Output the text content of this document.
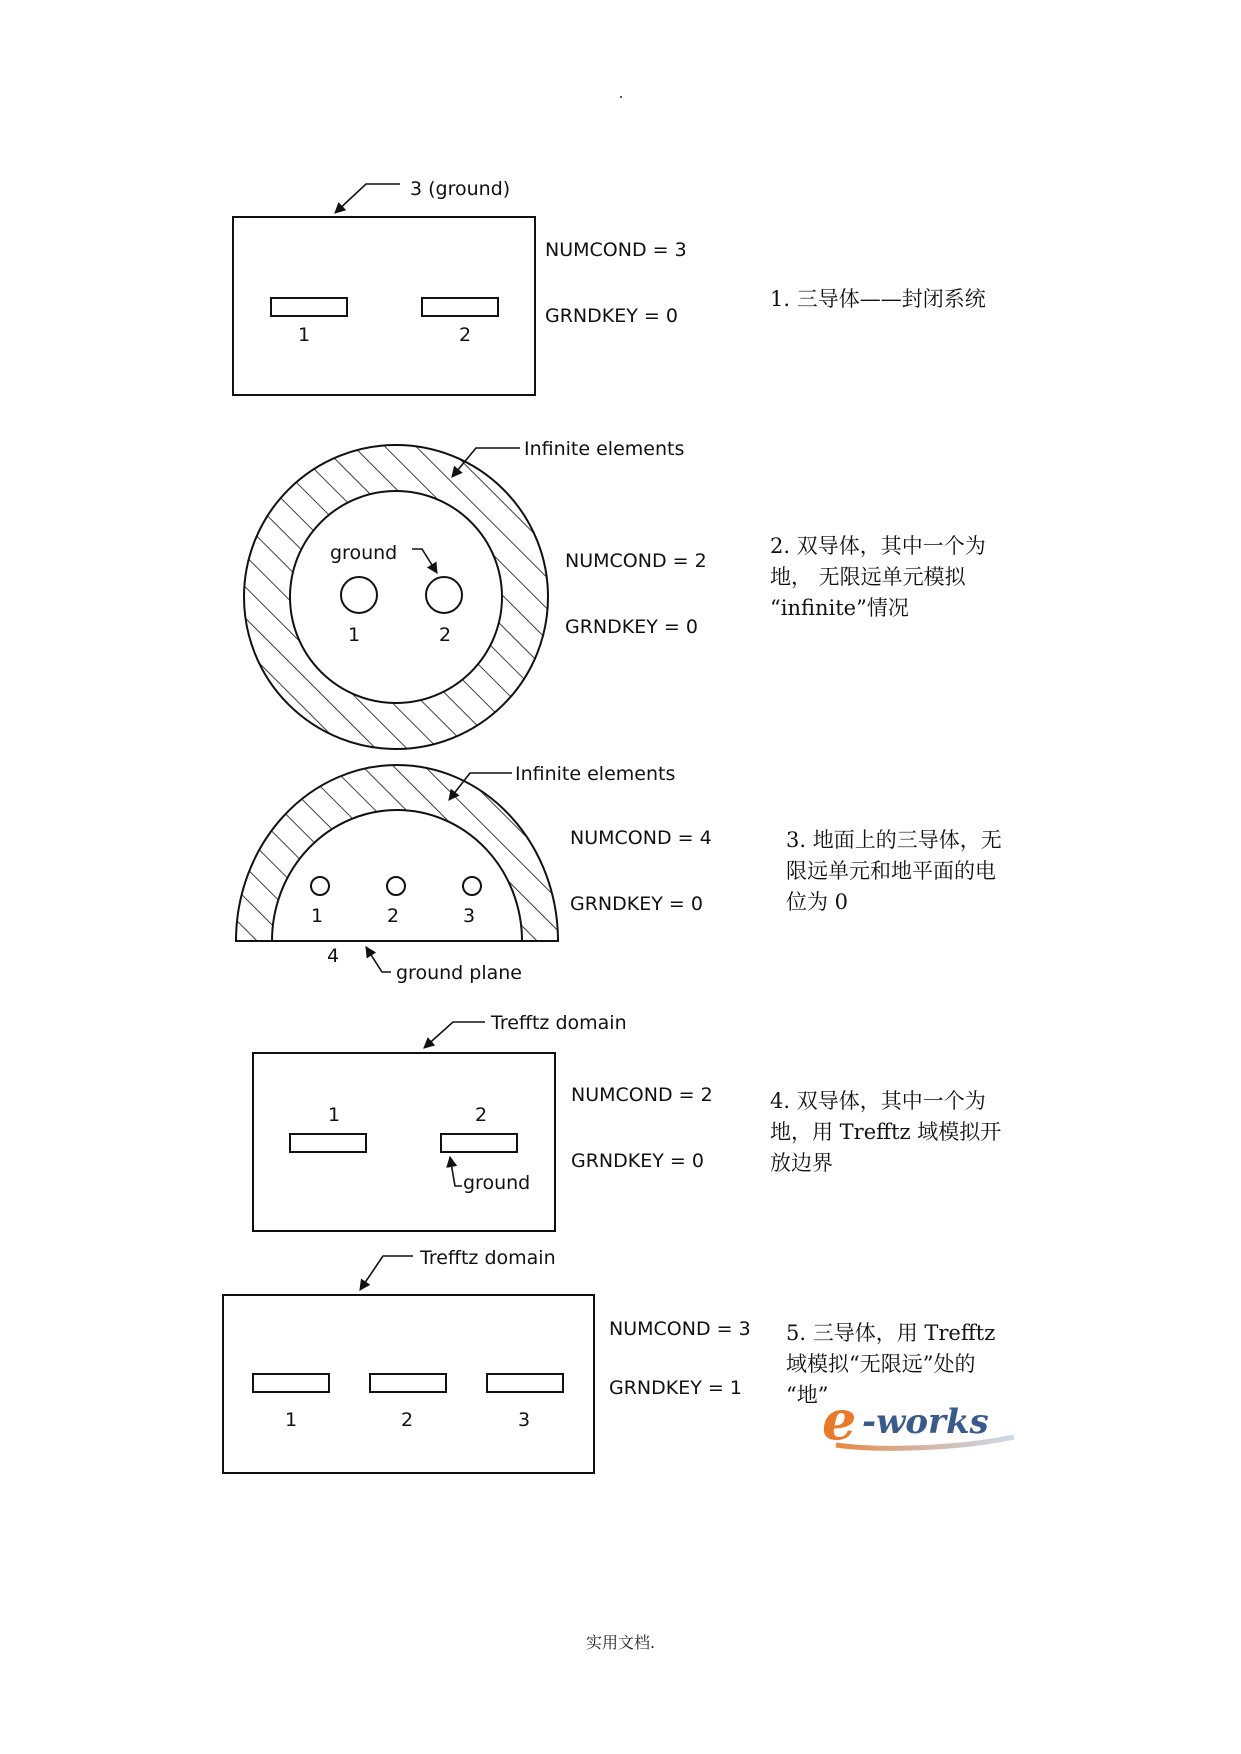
1	2
3 (ground)
NUMCOND = 3
GRNDKEY = 0
1	2
ground
Infinite elements
NUMCOND = 2
GRNDKEY = 0
1	2	3
4
ground plane
Infinite elements
NUMCOND = 4
GRNDKEY = 0
1	2
ground
Trefftz domain
NUMCOND = 2
GRNDKEY = 0
1	2	3
Trefftz domain
NUMCOND = 3
GRNDKEY = 1
1. 三导体——封闭系统
2. 双导体，其中一个为
地， 无限远单元模拟
“infinite”情况
3. 地面上的三导体，无
限远单元和地平面的电
位为 0
4. 双导体，其中一个为
地，用 Trefftz 域模拟开
放边界
5. 三导体，用 Trefftz
域模拟“无限远”处的
“地”
e -works
实用文档.
